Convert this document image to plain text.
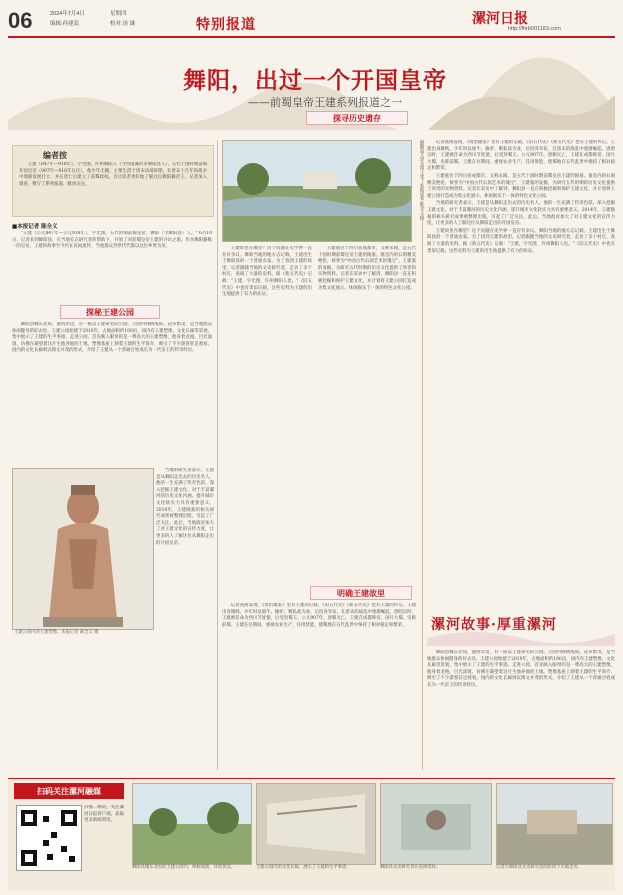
06	2024年7月4日	星期四
编辑:孙建蕊	校对:汤 谦	特别报道	漯河日报
http://lhrb001183.com
舞阳，出过一个开国皇帝
——前蜀皇帝王建系列报道之一
编者按

王建（847年—918年），字光图，许州舞阳人（今河南漯河市舞阳县人），五代十国时期前蜀开国皇帝（907年—918年在位）。他少年无赖，主要生活于唐末动荡时期，在唐末十几年的战争中逐渐发展壮大，并在唐亡后建立了前蜀政权。为让读者更好地了解这位舞阳籍帝王，记者深入调查，撰写了系列报道，敬请关注。

■本报记者 陈全义

"王建（公元847年—公元918年），字光图，五代时期前蜀皇帝，舞阳（今舞阳县）人。" 6月10日，记者来到舞阳县，在当地史志研究者的帮助下，开始了对前蜀皇帝王建的寻访之旅。作为舞阳籍唯一的皇帝，王建的故事至今仍在民间流传，当地群众世世代代都以这位乡贤为荣。

探秘王建公园

舞阳县城东北角，滚河岸边，有一座以王建命名的公园。公园内绿树成荫、花草繁茂，是当地群众休闲健身的好去处。王建公园始建于2010年，占地面积约100亩，园内有王建塑像、文化长廊等景观，集中展示了王建的生平事迹。走进公园，首先映入眼帘的是一尊高大的王建塑像，他身着龙袍，目光深邃，仿佛在凝望着这片生他养他的土地。塑像基座上刻着王建的生平简介，吸引了不少游客驻足观看。园内的文化长廊则以图文并茂的形式，介绍了王建从一个普通百姓成长为一代帝王的传奇经历。

当地的研究者表示，王建是从舞阳走出去的历史名人，他的一生充满了传奇色彩。深入挖掘王建文化，对于丰富漯河的历史文化内涵、提升城市文化软实力具有重要意义。2014年，王建陵墓的相关研究成果被整理出版，引起了广泛关注。此后，当地政府加大了对王建文化的宣传力度，让更多的人了解这位从舞阳走出的开国皇帝。

王建公园内的王建塑像。本报记者 陈全义 摄
探寻历史遗存

王建故里在哪里？这个问题在史学界一直存有争议。舞阳当地的地方志记载，王建出生于舞阳县的一个普通农家。为了找到王建的故里，记者跟随当地的文史研究者，走访了多个村庄，查阅了大量的史料。据《新五代史》记载："王建，字光图，许州舞阳人也。"《旧五代史》中也有类似记载。这些史料为王建的出生地提供了有力的佐证。

王建墓位于四川省成都市，又称永陵，是五代十国时期前蜀皇帝王建的陵墓。墓室内的石刻精美绝伦，被誉为"中国古代石刻艺术的瑰宝"。王建墓的发掘，为研究五代时期的历史文化提供了珍贵的实物资料。记者在采访中了解到，舞阳县一直在积极挖掘和保护王建文化，并计划将王建公园打造成为集文化展示、休闲娱乐于一体的特色文化公园。

明确王建故里

记者查阅发现，《资治通鉴》里有王建的记载，《旧五代史》《新五代史》也有王建的传记。王建出身微贱，少年时以屠牛、偷驴、贩私盐为业，后投身军伍，在唐末的战乱中逐渐崛起。唐昭宗时，王建被任命为西川节度使，后受封蜀王。公元907年，唐朝灭亡，王建在成都称帝，国号大蜀，史称前蜀。王建在位期间，重视农业生产，任用贤能，使蜀地在五代乱世中保持了相对稳定和繁荣。

记者查阅发现，《资治通鉴》里有王建的记载，《旧五代史》《新五代史》也有王建的传记。王建出身微贱，少年时以屠牛、偷驴、贩私盐为业，后投身军伍，在唐末的战乱中逐渐崛起。唐昭宗时，王建被任命为西川节度使，后受封蜀王。公元907年，唐朝灭亡，王建在成都称帝，国号大蜀，史称前蜀。王建在位期间，重视农业生产，任用贤能，使蜀地在五代乱世中保持了相对稳定和繁荣。

王建墓位于四川省成都市，又称永陵，是五代十国时期前蜀皇帝王建的陵墓。墓室内的石刻精美绝伦，被誉为"中国古代石刻艺术的瑰宝"。王建墓的发掘，为研究五代时期的历史文化提供了珍贵的实物资料。记者在采访中了解到，舞阳县一直在积极挖掘和保护王建文化，并计划将王建公园打造成为集文化展示、休闲娱乐于一体的特色文化公园。

当地的研究者表示，王建是从舞阳走出去的历史名人，他的一生充满了传奇色彩。深入挖掘王建文化，对于丰富漯河的历史文化内涵、提升城市文化软实力具有重要意义。2014年，王建陵墓的相关研究成果被整理出版，引起了广泛关注。此后，当地政府加大了对王建文化的宣传力度，让更多的人了解这位从舞阳走出的开国皇帝。

王建故里在哪里？这个问题在史学界一直存有争议。舞阳当地的地方志记载，王建出生于舞阳县的一个普通农家。为了找到王建的故里，记者跟随当地的文史研究者，走访了多个村庄，查阅了大量的史料。据《新五代史》记载："王建，字光图，许州舞阳人也。"《旧五代史》中也有类似记载。这些史料为王建的出生地提供了有力的佐证。

漯河故事·厚重漯河

舞阳县城东北角，滚河岸边，有一座以王建命名的公园。公园内绿树成荫、花草繁茂，是当地群众休闲健身的好去处。王建公园始建于2010年，占地面积约100亩，园内有王建塑像、文化长廊等景观，集中展示了王建的生平事迹。走进公园，首先映入眼帘的是一尊高大的王建塑像，他身着龙袍，目光深邃，仿佛在凝望着这片生他养他的土地。塑像基座上刻着王建的生平简介，吸引了不少游客驻足观看。园内的文化长廊则以图文并茂的形式，介绍了王建从一个普通百姓成长为一代帝王的传奇经历。

扫码关注漯河融媒
扫描二维码，关注漯河日报客户端，获取更多新闻资讯。
舞阳县城东北角的王建公园内，绿树成荫，环境优美。	王建公园内的文化长廊，展示了王建的生平事迹。	舞阳县文史研究者在查阅资料。	记者在舞阳县文史研究者的陪同下实地走访。
